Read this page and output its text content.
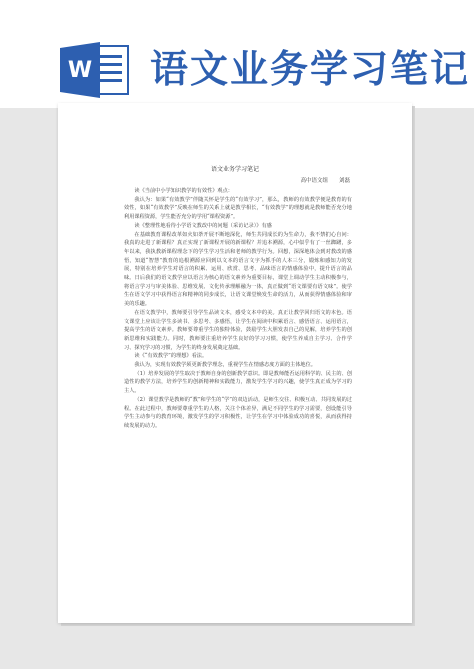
W 语文业务学习笔记
语文业务学习笔记
高中语文组　　刘磊

读《当前中小学知识教学的有效性》观点：

我认为：如果“有效教学”伴随关怀是学生的“有效学习”，那么，教师的有效教学便是教育的有效性，如果“有效教学”反映在师生的关系上就是教学相长，“有效教学”的理想就是教师能否充分地利用课程资源，学生能否充分的学用“课程资源”。

读《整理性地看待小学语文教改中的问题（采访记录）》有感

在基础教育课程改革如火如荼开展不断地深化，师生共同成长的为生命力，我不禁扪心自问：我真的走进了新课程？真正实现了新课程开展的新课程？并追本溯源，心中似乎有了一丝踟躇，多年以来，我执教新课程理念下的学生学习生活和老师的教学行为。回想，深深地体会到对教改的感悟，知道“智慧”教育的追根溯源应回到以文本的语言文字为抓手的人本三分，锻炼和感知力的发展，特别在培养学生对语言的积累、运用、欣赏、思考、品味语言的情感体验中，提升语言的品味。日后我们的语文教学应以语言为核心的语文素养为重要目标，课堂上调动学生主动积极参与，将语言学习与审美体验、思维发展、文化传承理解融为一体，真正做到“语文课要有语文味”。使学生在语文学习中获得语言和精神的同步成长，让语文课堂焕发生命的活力，从而获得情感体验和审美的乐趣。

在语文教学中，教师要引导学生品读文本，感受文本中的美。真正让教学回归语文的本色。语文课堂上应该让学生多读书、多思考、多感悟，让学生在阅读中积累语言、感悟语言、运用语言，提高学生的语文素养。教师要尊重学生的独特体验，鼓励学生大胆发表自己的见解，培养学生的创新思维和实践能力。同时，教师要注重培养学生良好的学习习惯，使学生养成自主学习、合作学习、探究学习的习惯，为学生的终身发展奠定基础。

读《“有效教学”的理想》看法。

我认为，实现有效教学须更新教学理念，重视学生在情感态度方面的主体地位。

（1）培养发展的学生取决于教师自身的创新教学意识。即是教师能否运用科学的、民主的、创造性的教学方法，培养学生的创新精神和实践能力，激发学生学习的兴趣，使学生真正成为学习的主人。

（2）课堂教学是教师的“教”和学生的“学”的双边活动，是师生交往、积极互动、共同发展的过程。在此过程中，教师要尊重学生的人格，关注个体差异，满足不同学生的学习需要，创设能引导学生主动参与的教育环境，激发学生的学习积极性，让学生在学习中体验成功的喜悦，从而获得持续发展的动力。
